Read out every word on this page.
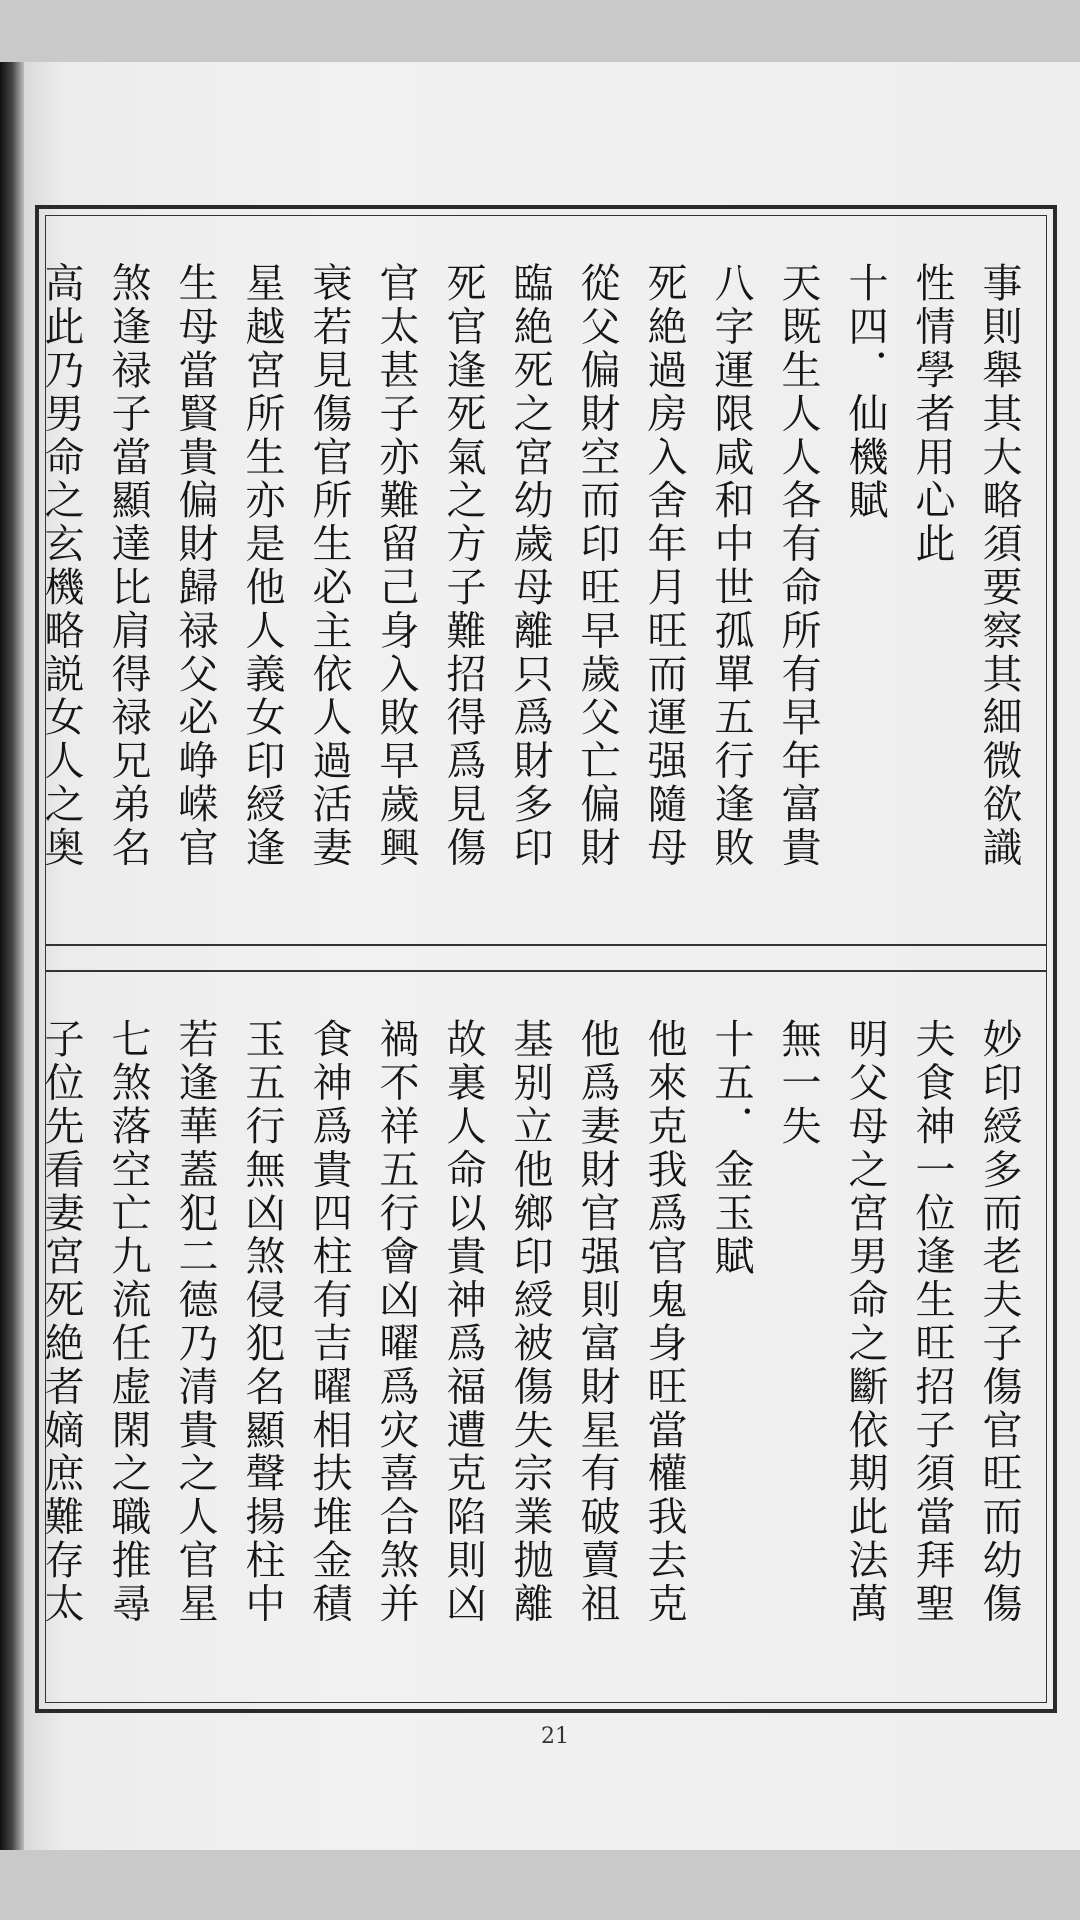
事則舉其大略須要察其細微欲識
性情學者用心此
十四．仙機賦
天既生人人各有命所有早年富貴
八字運限咸和中世孤單五行逢敗
死絶過房入舍年月旺而運强隨母
從父偏財空而印旺早歲父亡偏財
臨絶死之宮幼歲母離只爲財多印
死官逢死氣之方子難招得爲見傷
官太甚子亦難留己身入敗早歲興
衰若見傷官所生必主依人過活妻
星越宮所生亦是他人義女印綬逢
生母當賢貴偏財歸禄父必峥嵘官
煞逢禄子當顯達比肩得禄兄弟名
高此乃男命之玄機略説女人之奥
妙印綬多而老夫子傷官旺而幼傷
夫食神一位逢生旺招子須當拜聖
明父母之宮男命之斷依期此法萬
無一失
十五．金玉賦
他來克我爲官鬼身旺當權我去克
他爲妻財官强則富財星有破賣祖
基别立他鄉印綬被傷失宗業抛離
故裏人命以貴神爲福遭克陷則凶
禍不祥五行會凶曜爲灾喜合煞并
食神爲貴四柱有吉曜相扶堆金積
玉五行無凶煞侵犯名顯聲揚柱中
若逢華蓋犯二德乃清貴之人官星
七煞落空亡九流任虚閑之職推尋
子位先看妻宮死絶者嫡庶難存太
21
